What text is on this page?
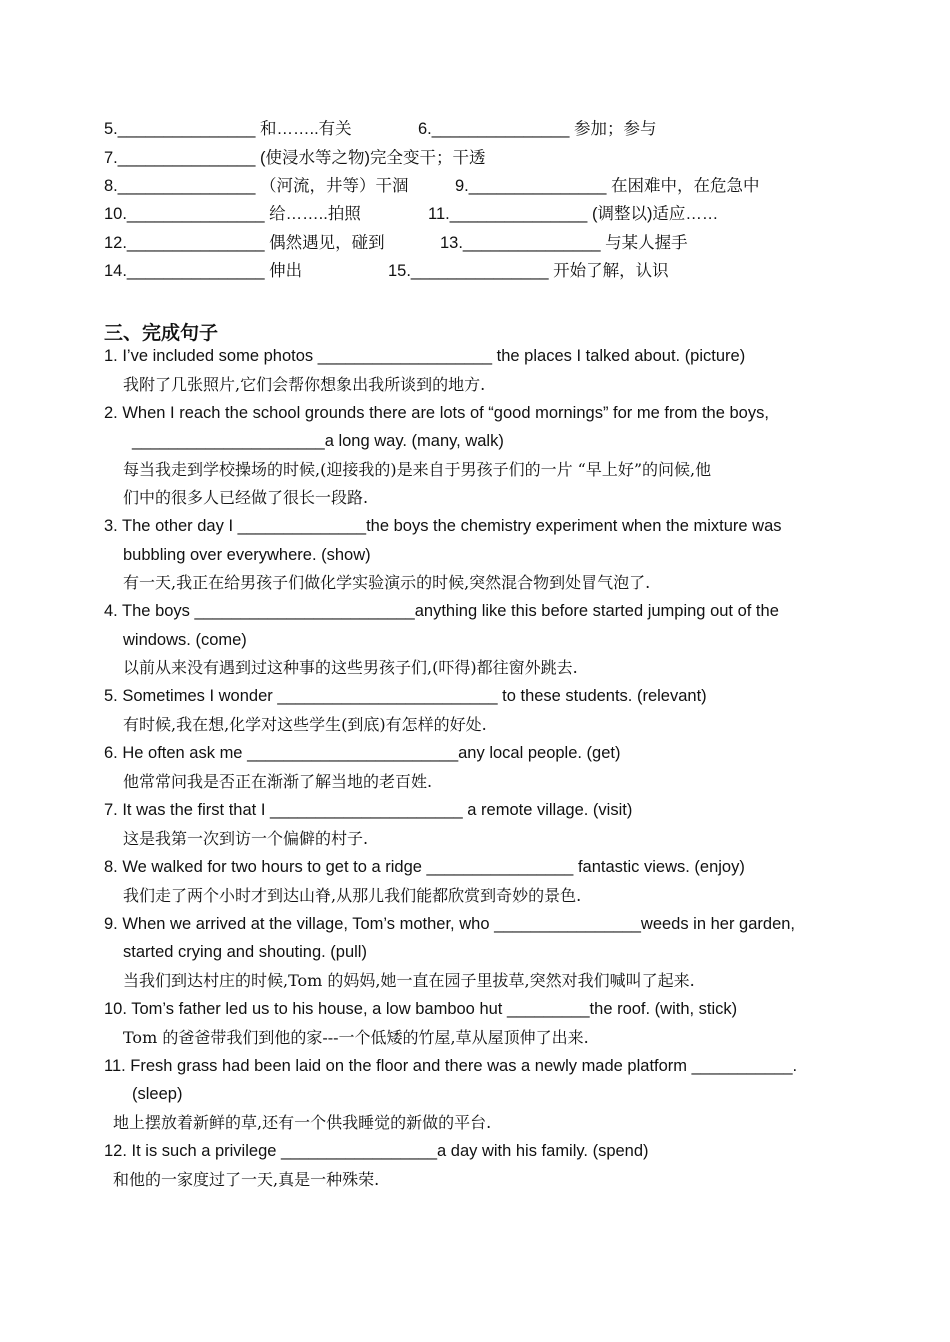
5._______________ 和……..有关	6._______________ 参加；参与
7._______________ (使浸水等之物)完全变干；干透
8._______________ （河流，井等）干涸	9._______________ 在困难中，在危急中
10._______________ 给……..拍照	11._______________ (调整以)适应……
12._______________ 偶然遇见，碰到	13._______________ 与某人握手
14._______________ 伸出	15._______________ 开始了解，认识
三、完成句子
1. I’ve included some photos ___________________ the places I talked about. (picture)
我附了几张照片,它们会帮你想象出我所谈到的地方.
2. When I reach the school grounds there are lots of “good mornings” for me from the boys,
_____________________a long way. (many, walk)
每当我走到学校操场的时候,(迎接我的)是来自于男孩子们的一片 “早上好”的问候,他
们中的很多人已经做了很长一段路.
3. The other day I ______________the boys the chemistry experiment when the mixture was
bubbling over everywhere. (show)
有一天,我正在给男孩子们做化学实验演示的时候,突然混合物到处冒气泡了.
4. The boys ________________________anything like this before started jumping out of the
windows. (come)
以前从来没有遇到过这种事的这些男孩子们,(吓得)都往窗外跳去.
5. Sometimes I wonder ________________________ to these students. (relevant)
有时候,我在想,化学对这些学生(到底)有怎样的好处.
6. He often ask me _______________________any local people. (get)
他常常问我是否正在渐渐了解当地的老百姓.
7. It was the first that I _____________________ a remote village. (visit)
这是我第一次到访一个偏僻的村子.
8. We walked for two hours to get to a ridge ________________ fantastic views. (enjoy)
我们走了两个小时才到达山脊,从那儿我们能都欣赏到奇妙的景色.
9. When we arrived at the village, Tom’s mother, who ________________weeds in her garden,
started crying and shouting. (pull)
当我们到达村庄的时候,Tom 的妈妈,她一直在园子里拔草,突然对我们喊叫了起来.
10. Tom’s father led us to his house, a low bamboo hut _________the roof. (with, stick)
Tom 的爸爸带我们到他的家---一个低矮的竹屋,草从屋顶伸了出来.
11. Fresh grass had been laid on the floor and there was a newly made platform ___________.
(sleep)
地上摆放着新鲜的草,还有一个供我睡觉的新做的平台.
12. It is such a privilege _________________a day with his family. (spend)
和他的一家度过了一天,真是一种殊荣.
